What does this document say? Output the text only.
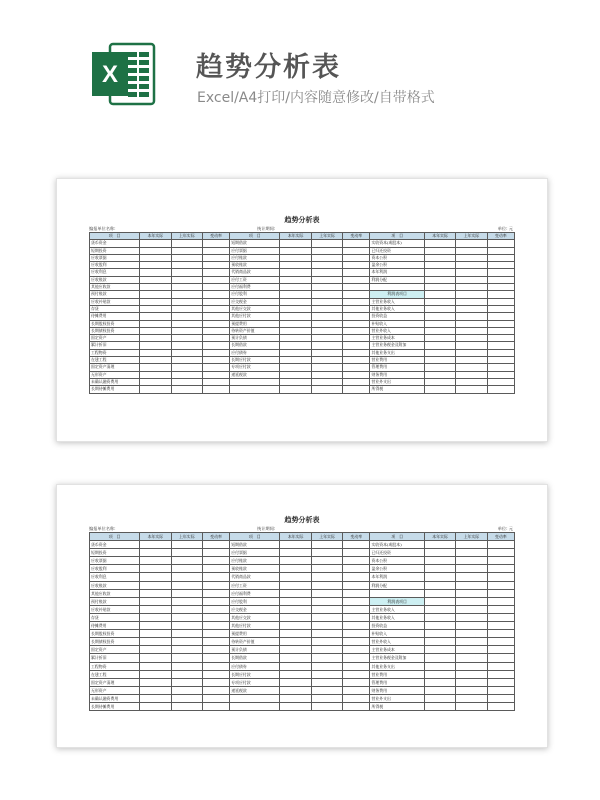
X	趋势分析表
Excel/A4打印/内容随意修改/自带格式
趋势分析表
编报单位名称:	统计期间:	单位: 元
项　目	本年实际	上年实际	变动率	项　目	本年实际	上年实际	变动率	项　目	本年实际	上年实际	变动率
货币资金				短期借款				实收资本(或股本)			
短期投资				应付票据				已归还投资			
应收票据				应付账款				资本公积			
应收股利				预收账款				盈余公积			
应收利息				代销商品款				本年利润			
应收账款				应付工资				利润分配			
其他应收款				应付福利费							
预付账款				应付股利				利润表项目			
应收补贴款				应交税金				主营业务收入			
存货				其他应交款				其他业务收入			
待摊费用				其他应付款				投资收益			
长期股权投资				预提费用				补贴收入			
长期债权投资				待转资产价值				营业外收入			
固定资产				预计负债				主营业务成本			
累计折旧				长期借款				主营业务税金及附加			
工程物资				应付债券				其他业务支出			
在建工程				长期应付款				营业费用			
固定资产清理				专项应付款				管理费用			
无形资产				递延税款				财务费用			
未确认融资费用								营业外支出			
长期待摊费用								所得税			
趋势分析表
编报单位名称:	统计期间:	单位: 元
项　目	本年实际	上年实际	变动率	项　目	本年实际	上年实际	变动率	项　目	本年实际	上年实际	变动率
货币资金				短期借款				实收资本(或股本)			
短期投资				应付票据				已归还投资			
应收票据				应付账款				资本公积			
应收股利				预收账款				盈余公积			
应收利息				代销商品款				本年利润			
应收账款				应付工资				利润分配			
其他应收款				应付福利费							
预付账款				应付股利				利润表项目			
应收补贴款				应交税金				主营业务收入			
存货				其他应交款				其他业务收入			
待摊费用				其他应付款				投资收益			
长期股权投资				预提费用				补贴收入			
长期债权投资				待转资产价值				营业外收入			
固定资产				预计负债				主营业务成本			
累计折旧				长期借款				主营业务税金及附加			
工程物资				应付债券				其他业务支出			
在建工程				长期应付款				营业费用			
固定资产清理				专项应付款				管理费用			
无形资产				递延税款				财务费用			
未确认融资费用								营业外支出			
长期待摊费用								所得税			
